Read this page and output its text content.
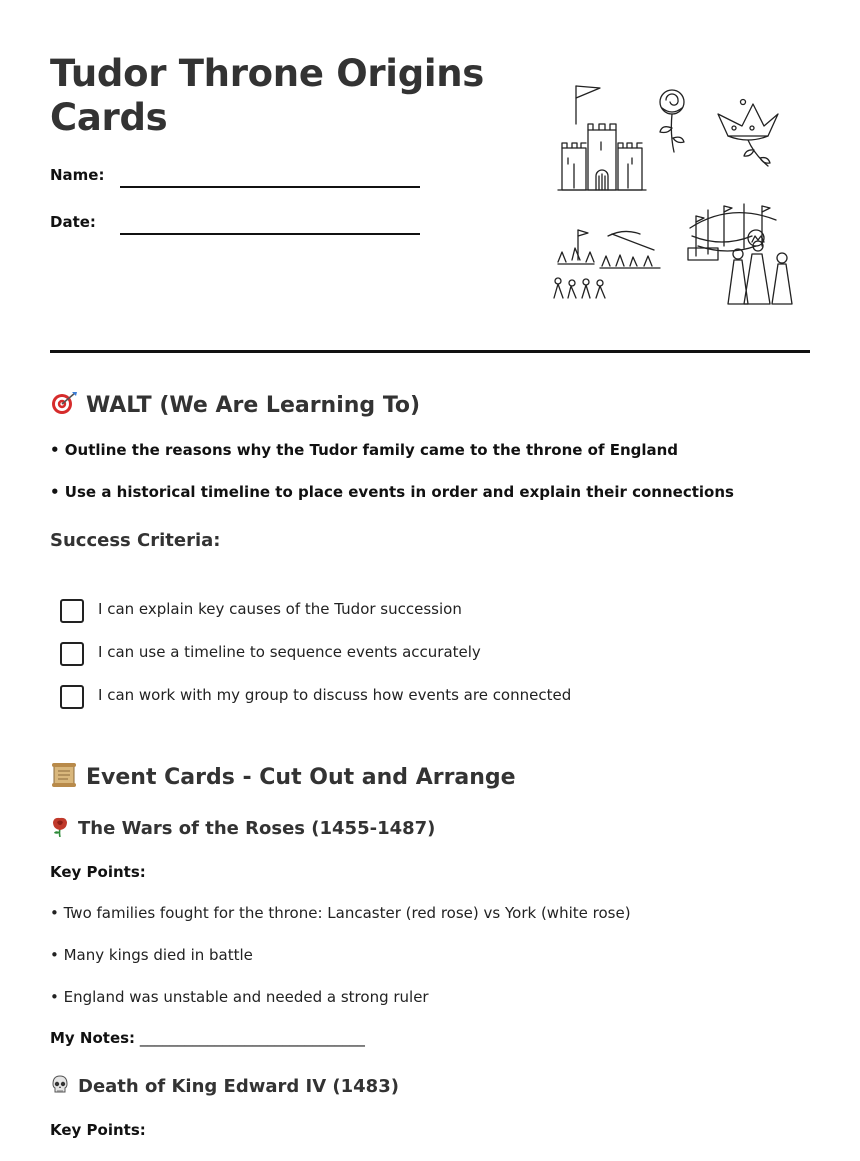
Tudor Throne Origins Cards
Name:
Date:
WALT (We Are Learning To)
• Outline the reasons why the Tudor family came to the throne of England
• Use a historical timeline to place events in order and explain their connections
Success Criteria:
I can explain key causes of the Tudor succession
I can use a timeline to sequence events accurately
I can work with my group to discuss how events are connected
Event Cards - Cut Out and Arrange
The Wars of the Roses (1455-1487)
Key Points:
• Two families fought for the throne: Lancaster (red rose) vs York (white rose)
• Many kings died in battle
• England was unstable and needed a strong ruler
My Notes: ______________________________
Death of King Edward IV (1483)
Key Points:
